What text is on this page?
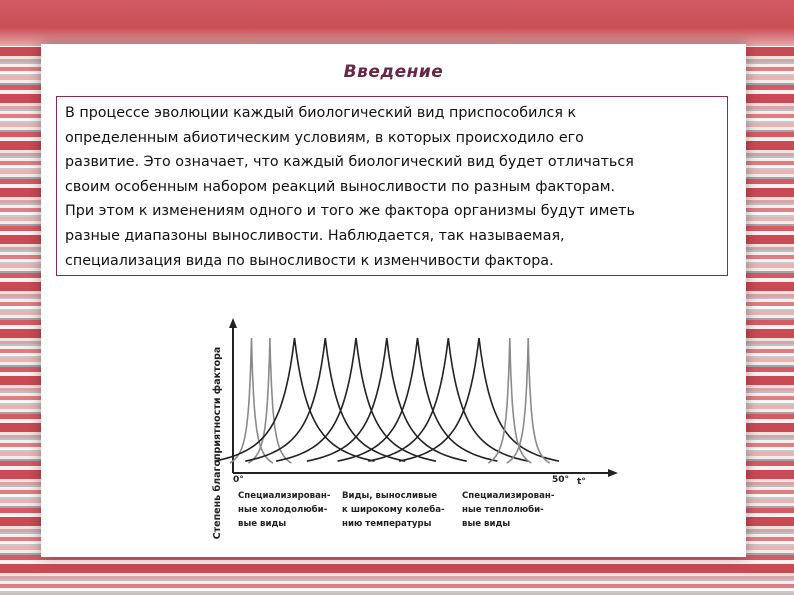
Введение
В процессе эволюции каждый биологический вид приспособился к
определенным абиотическим условиям, в которых происходило его
развитие. Это означает, что каждый биологический вид будет отличаться
своим особенным набором реакций выносливости по разным факторам.
При этом к изменениям одного и того же фактора организмы будут иметь
разные диапазоны выносливости. Наблюдается, так называемая,
специализация вида по выносливости к изменчивости фактора.
Степень благоприятности фактора 0°	50° t°
Специализирован- ные холодолюби- вые виды
Виды, выносливые к широкому колеба- нию температуры
Специализирован- ные теплолюби- вые виды
